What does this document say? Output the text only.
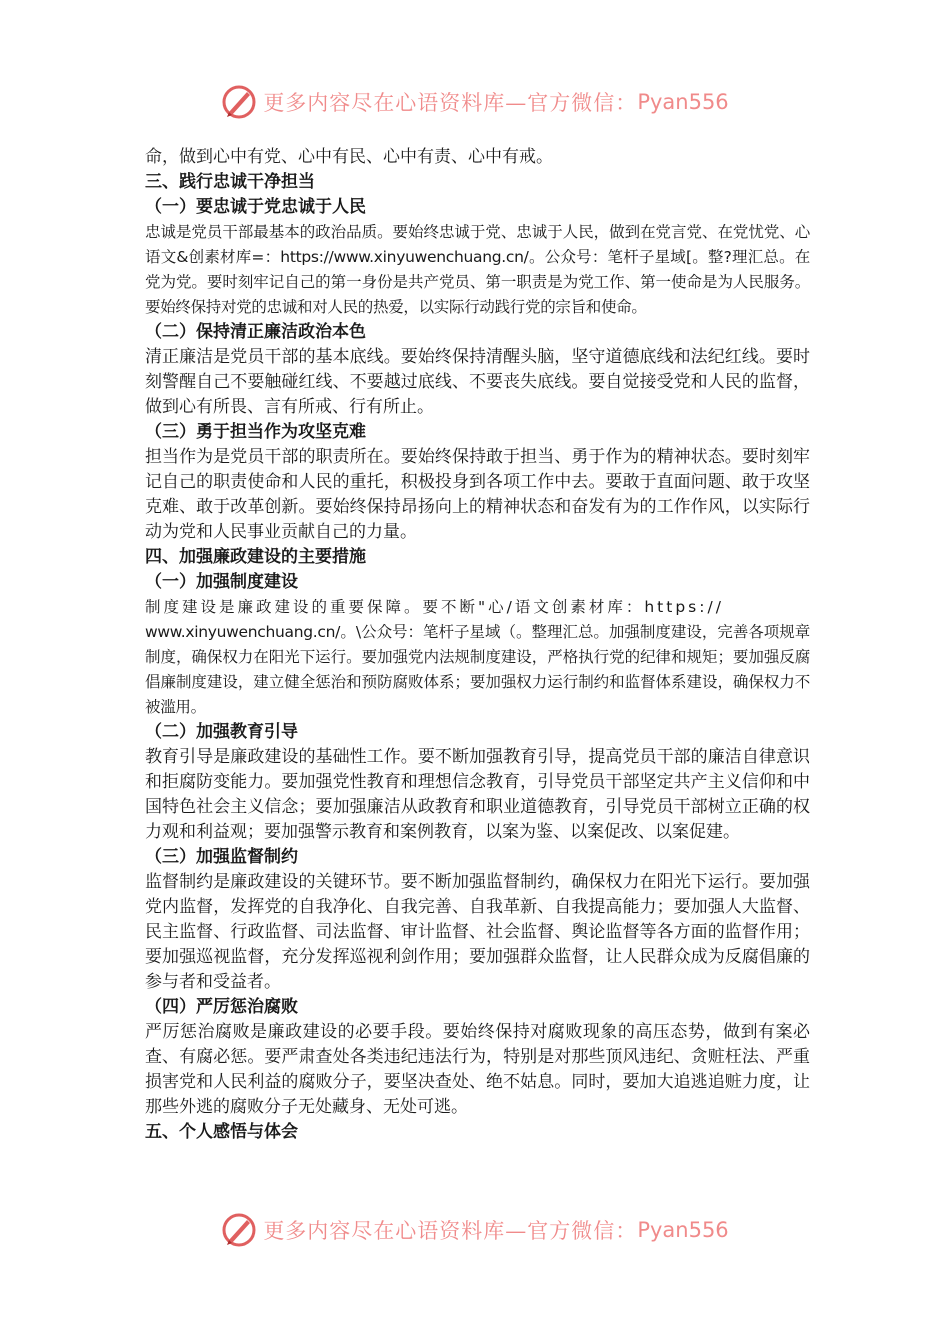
更多内容尽在心语资料库—官方微信： Pyan556

命，做到心中有党、心中有民、心中有责、心中有戒。

三、践行忠诚干净担当

（一）要忠诚于党忠诚于人民

忠诚是党员干部最基本的政治品质。要始终忠诚于党、忠诚于人民，做到在党言党、在党忧党、心语文&创素材库=：https://www.xinyuwenchuang.cn/。公众号：笔杆子星域[。整?理汇总。在党为党。要时刻牢记自己的第一身份是共产党员、第一职责是为党工作、第一使命是为人民服务。要始终保持对党的忠诚和对人民的热爱，以实际行动践行党的宗旨和使命。

（二）保持清正廉洁政治本色

清正廉洁是党员干部的基本底线。要始终保持清醒头脑，坚守道德底线和法纪红线。要时刻警醒自己不要触碰红线、不要越过底线、不要丧失底线。要自觉接受党和人民的监督，做到心有所畏、言有所戒、行有所止。

（三）勇于担当作为攻坚克难

担当作为是党员干部的职责所在。要始终保持敢于担当、勇于作为的精神状态。要时刻牢记自己的职责使命和人民的重托，积极投身到各项工作中去。要敢于直面问题、敢于攻坚克难、敢于改革创新。要始终保持昂扬向上的精神状态和奋发有为的工作作风，以实际行动为党和人民事业贡献自己的力量。

四、加强廉政建设的主要措施

（一）加强制度建设

制度建设是廉政建设的重要保障。要不断"心/语文创素材库：https://

www.xinyuwenchuang.cn/。\公众号：笔杆子星域（。整理汇总。加强制度建设，完善各项规章制度，确保权力在阳光下运行。要加强党内法规制度建设，严格执行党的纪律和规矩；要加强反腐倡廉制度建设，建立健全惩治和预防腐败体系；要加强权力运行制约和监督体系建设，确保权力不被滥用。

（二）加强教育引导

教育引导是廉政建设的基础性工作。要不断加强教育引导，提高党员干部的廉洁自律意识和拒腐防变能力。要加强党性教育和理想信念教育，引导党员干部坚定共产主义信仰和中国特色社会主义信念；要加强廉洁从政教育和职业道德教育，引导党员干部树立正确的权力观和利益观；要加强警示教育和案例教育，以案为鉴、以案促改、以案促建。

（三）加强监督制约

监督制约是廉政建设的关键环节。要不断加强监督制约，确保权力在阳光下运行。要加强党内监督，发挥党的自我净化、自我完善、自我革新、自我提高能力；要加强人大监督、民主监督、行政监督、司法监督、审计监督、社会监督、舆论监督等各方面的监督作用；要加强巡视监督，充分发挥巡视利剑作用；要加强群众监督，让人民群众成为反腐倡廉的参与者和受益者。

（四）严厉惩治腐败

严厉惩治腐败是廉政建设的必要手段。要始终保持对腐败现象的高压态势，做到有案必查、有腐必惩。要严肃查处各类违纪违法行为，特别是对那些顶风违纪、贪赃枉法、严重损害党和人民利益的腐败分子，要坚决查处、绝不姑息。同时，要加大追逃追赃力度，让那些外逃的腐败分子无处藏身、无处可逃。

五、个人感悟与体会

更多内容尽在心语资料库—官方微信： Pyan556
